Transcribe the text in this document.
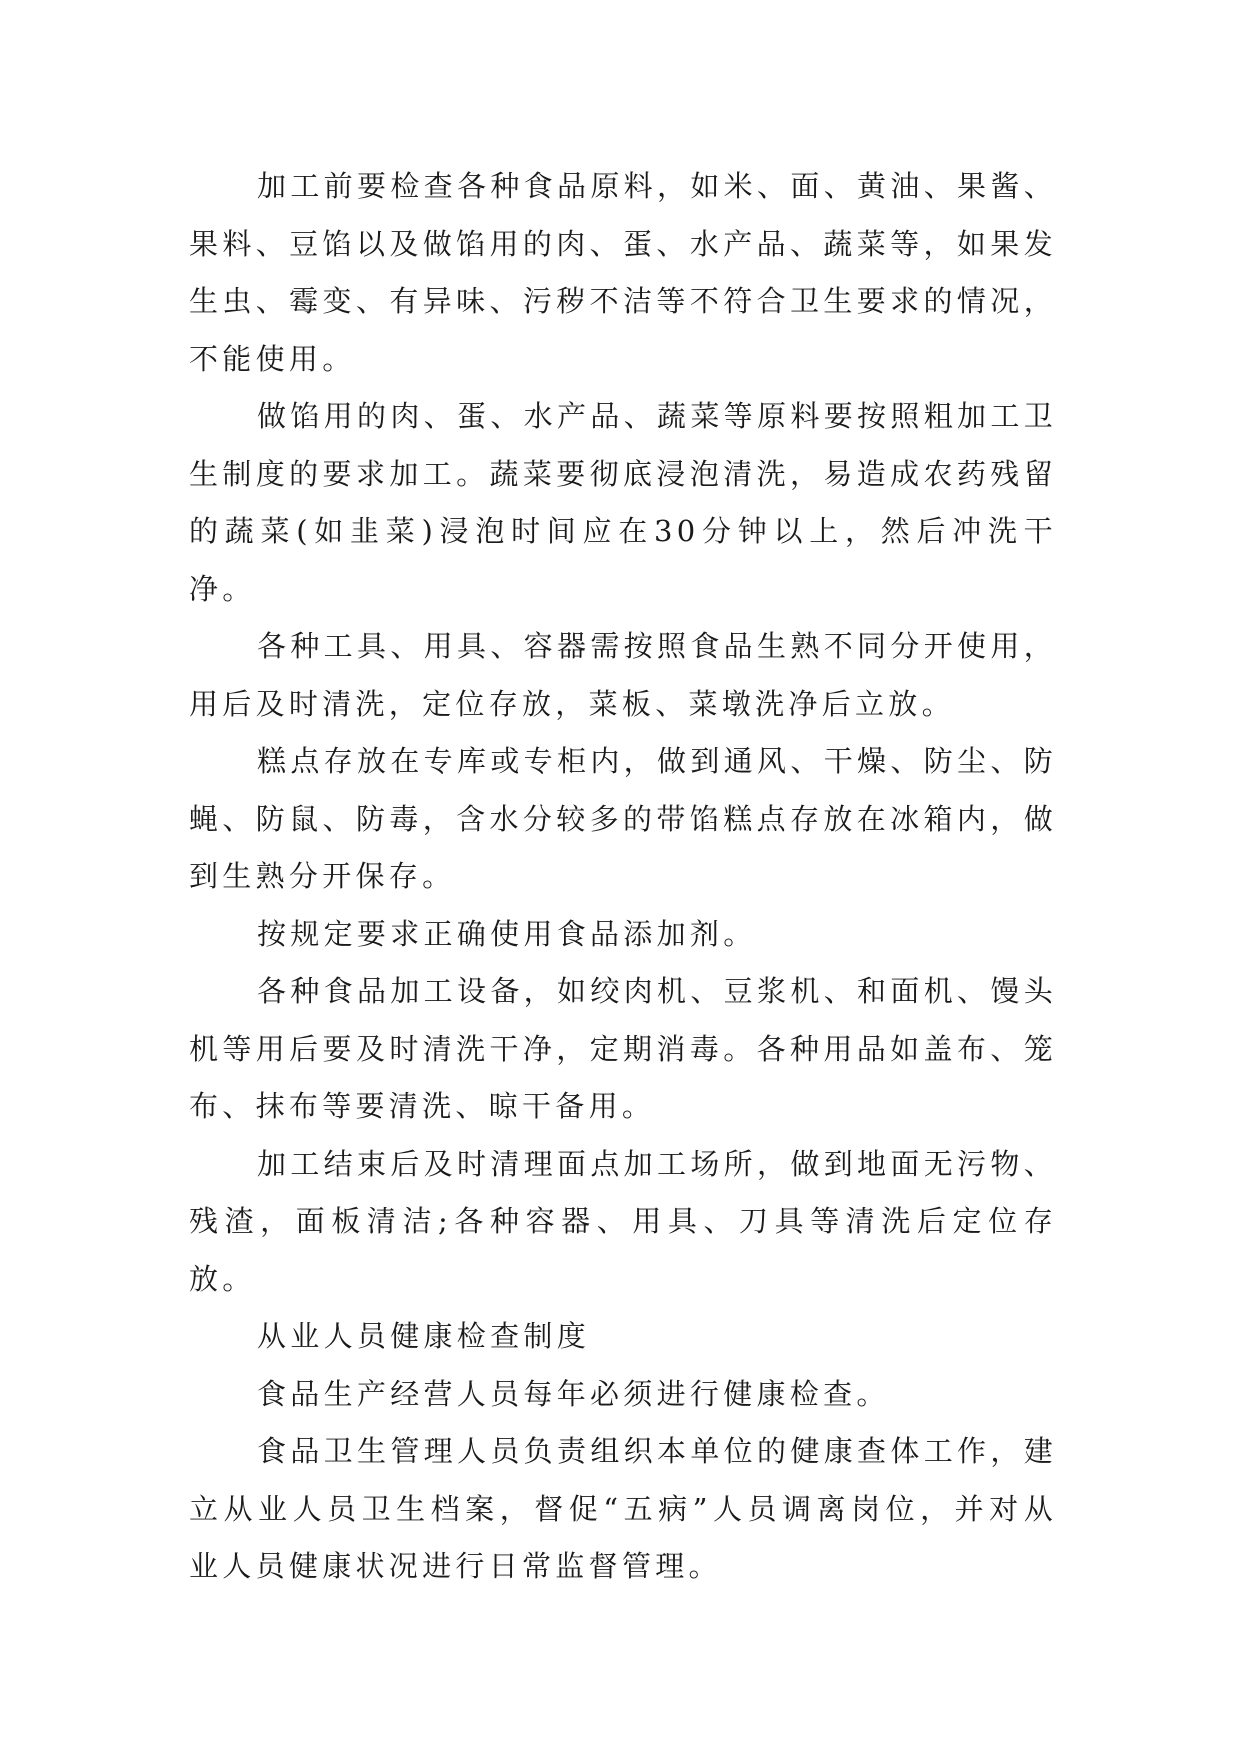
加工前要检查各种食品原料，如米、面、黄油、果酱、果料、豆馅以及做馅用的肉、蛋、水产品、蔬菜等，如果发生虫、霉变、有异味、污秽不洁等不符合卫生要求的情况，不能使用。

做馅用的肉、蛋、水产品、蔬菜等原料要按照粗加工卫生制度的要求加工。蔬菜要彻底浸泡清洗，易造成农药残留的蔬菜(如韭菜)浸泡时间应在30分钟以上，然后冲洗干净。

各种工具、用具、容器需按照食品生熟不同分开使用，用后及时清洗，定位存放，菜板、菜墩洗净后立放。

糕点存放在专库或专柜内，做到通风、干燥、防尘、防蝇、防鼠、防毒，含水分较多的带馅糕点存放在冰箱内，做到生熟分开保存。

按规定要求正确使用食品添加剂。

各种食品加工设备，如绞肉机、豆浆机、和面机、馒头机等用后要及时清洗干净，定期消毒。各种用品如盖布、笼布、抹布等要清洗、晾干备用。

加工结束后及时清理面点加工场所，做到地面无污物、残渣，面板清洁;各种容器、用具、刀具等清洗后定位存放。

从业人员健康检查制度

食品生产经营人员每年必须进行健康检查。

食品卫生管理人员负责组织本单位的健康查体工作，建立从业人员卫生档案，督促“五病”人员调离岗位，并对从业人员健康状况进行日常监督管理。
